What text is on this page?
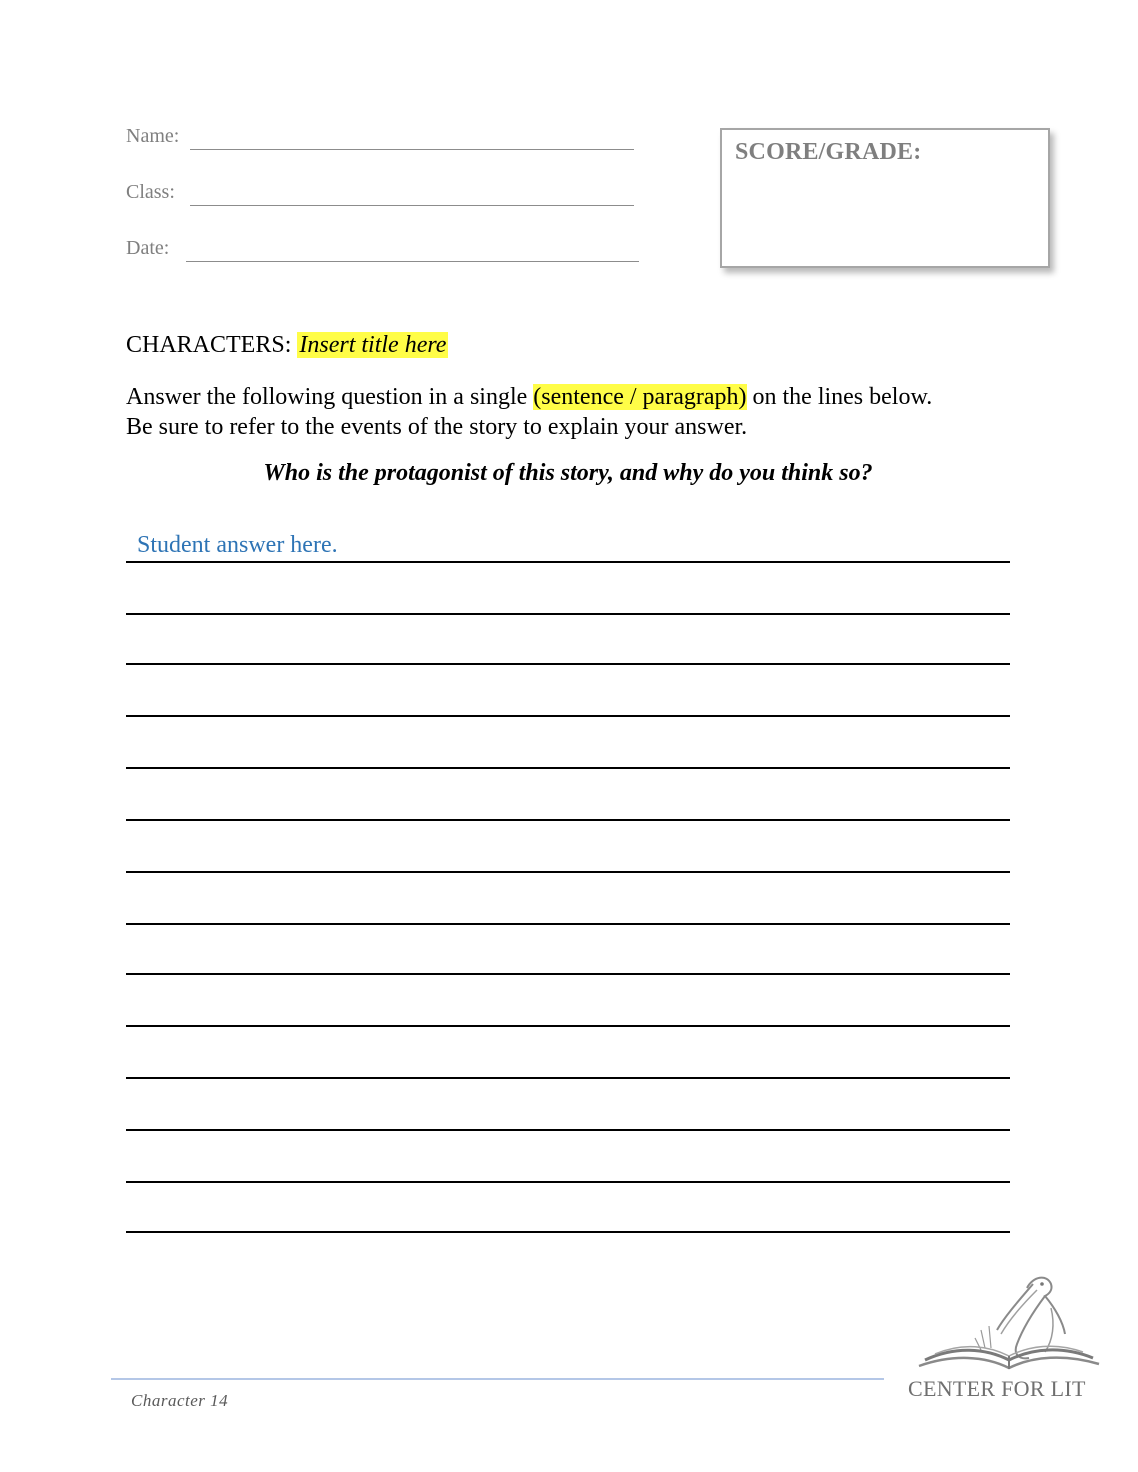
Name:
Class:
Date:
SCORE/GRADE:
CHARACTERS: Insert title here
Answer the following question in a single (sentence / paragraph) on the lines below. Be sure to refer to the events of the story to explain your answer.
Who is the protagonist of this story, and why do you think so?
Student answer here.
Character 14	CENTER FOR LIT
